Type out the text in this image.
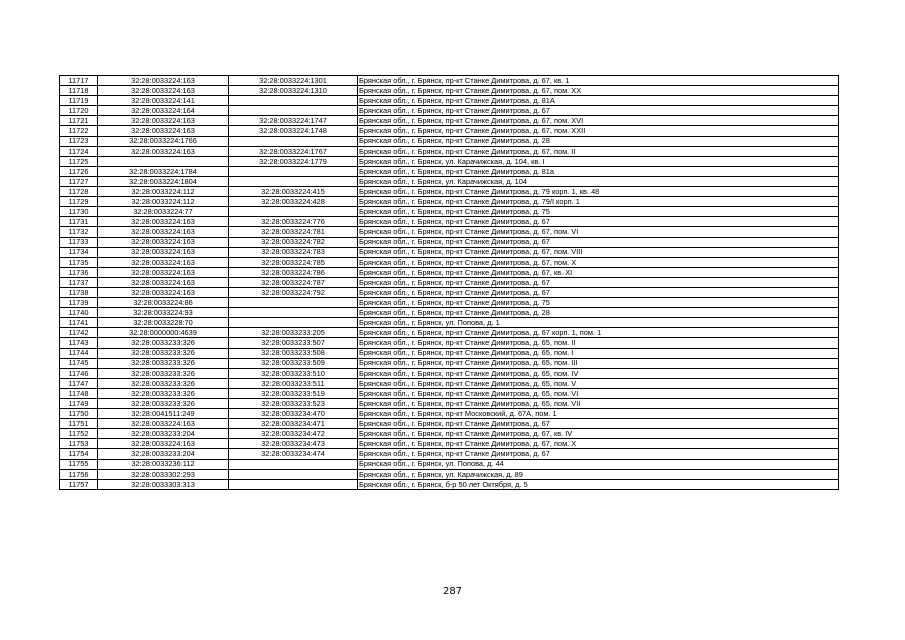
11717	32:28:0033224:163	32:28:0033224:1301	Брянская обл., г. Брянск, пр-кт Станке Димитрова, д. 67, кв. 1
11718	32:28:0033224:163	32:28:0033224:1310	Брянская обл., г. Брянск, пр-кт Станке Димитрова, д. 67, пом. XX
11719	32:28:0033224:141		Брянская обл., г. Брянск, пр-кт Станке Димитрова, д. 81А
11720	32:28:0033224:164		Брянская обл., г. Брянск, пр-кт Станке Димитрова, д. 67
11721	32:28:0033224:163	32:28:0033224:1747	Брянская обл., г. Брянск, пр-кт Станке Димитрова, д. 67, пом. XVI
11722	32:28:0033224:163	32:28:0033224:1748	Брянская обл., г. Брянск, пр-кт Станке Димитрова, д. 67, пом. XXII
11723	32:28:0033224:1766		Брянская обл., г. Брянск, пр-кт Станке Димитрова, д. 28
11724	32:28:0033224:163	32:28:0033224:1767	Брянская обл., г. Брянск, пр-кт Станке Димитрова, д. 67, пом. II
11725		32:28:0033224:1779	Брянская обл., г. Брянск, ул. Карачижская, д. 104, кв. I
11726	32:28:0033224:1784		Брянская обл., г. Брянск, пр-кт Станке Димитрова, д. 81а
11727	32:28:0033224:1804		Брянская обл., г. Брянск, ул. Карачижская, д. 104
11728	32:28:0033224:112	32:28:0033224:415	Брянская обл., г. Брянск, пр-кт Станке Димитрова, д. 79 корп. 1, кв. 48
11729	32:28:0033224:112	32:28:0033224:428	Брянская обл., г. Брянск, пр-кт Станке Димитрова, д. 79/I корп. 1
11730	32:28:0033224:77		Брянская обл., г. Брянск, пр-кт Станке Димитрова, д. 75
11731	32:28:0033224:163	32:28:0033224:776	Брянская обл., г. Брянск, пр-кт Станке Димитрова, д. 67
11732	32:28:0033224:163	32:28:0033224:781	Брянская обл., г. Брянск, пр-кт Станке Димитрова, д. 67, пом. VI
11733	32:28:0033224:163	32:28:0033224:782	Брянская обл., г. Брянск, пр-кт Станке Димитрова, д. 67
11734	32:28:0033224:163	32:28:0033224:783	Брянская обл., г. Брянск, пр-кт Станке Димитрова, д. 67, пом. VIII
11735	32:28:0033224:163	32:28:0033224:785	Брянская обл., г. Брянск, пр-кт Станке Димитрова, д. 67, пом. X
11736	32:28:0033224:163	32:28:0033224:786	Брянская обл., г. Брянск, пр-кт Станке Димитрова, д. 67, кв. XI
11737	32:28:0033224:163	32:28:0033224:787	Брянская обл., г. Брянск, пр-кт Станке Димитрова, д. 67
11738	32:28:0033224:163	32:28:0033224:792	Брянская обл., г. Брянск, пр-кт Станке Димитрова, д. 67
11739	32:28:0033224:86		Брянская обл., г. Брянск, пр-кт Станке Димитрова, д. 75
11740	32:28:0033224:93		Брянская обл., г. Брянск, пр-кт Станке Димитрова, д. 28
11741	32:28:0033228:70		Брянская обл., г. Брянск, ул. Попова, д. 1
11742	32:28:0000000:4639	32:28:0033233:205	Брянская обл., г. Брянск, пр-кт Станке Димитрова, д. 67 корп. 1, пом. 1
11743	32:28:0033233:326	32:28:0033233:507	Брянская обл., г. Брянск, пр-кт Станке Димитрова, д. 65, пом. II
11744	32:28:0033233:326	32:28:0033233:508	Брянская обл., г. Брянск, пр-кт Станке Димитрова, д. 65, пом. I
11745	32:28:0033233:326	32:28:0033233:509	Брянская обл., г. Брянск, пр-кт Станке Димитрова, д. 65, пом. III
11746	32:28:0033233:326	32:28:0033233:510	Брянская обл., г. Брянск, пр-кт Станке Димитрова, д. 65, пом. IV
11747	32:28:0033233:326	32:28:0033233:511	Брянская обл., г. Брянск, пр-кт Станке Димитрова, д. 65, пом. V
11748	32:28:0033233:326	32:28:0033233:519	Брянская обл., г. Брянск, пр-кт Станке Димитрова, д. 65, пом. VI
11749	32:28:0033233:326	32:28:0033233:523	Брянская обл., г. Брянск, пр-кт Станке Димитрова, д. 65, пом. VII
11750	32:28:0041511:249	32:28:0033234:470	Брянская обл., г. Брянск, пр-кт Московский, д. 67А, пом. 1
11751	32:28:0033224:163	32:28:0033234:471	Брянская обл., г. Брянск, пр-кт Станке Димитрова, д. 67
11752	32:28:0033233:204	32:28:0033234:472	Брянская обл., г. Брянск, пр-кт Станке Димитрова, д. 67, кв. IV
11753	32:28:0033224:163	32:28:0033234:473	Брянская обл., г. Брянск, пр-кт Станке Димитрова, д. 67, пом. X
11754	32:28:0033233:204	32:28:0033234:474	Брянская обл., г. Брянск, пр-кт Станке Димитрова, д. 67
11755	32:28:0033236:112		Брянская обл., г. Брянск, ул. Попова, д. 44
11756	32:28:0033302:293		Брянская обл., г. Брянск, ул. Карачижская, д. 89
11757	32:28:0033303:313		Брянская обл., г. Брянск, б-р 50 лет Октября, д. 5
287
